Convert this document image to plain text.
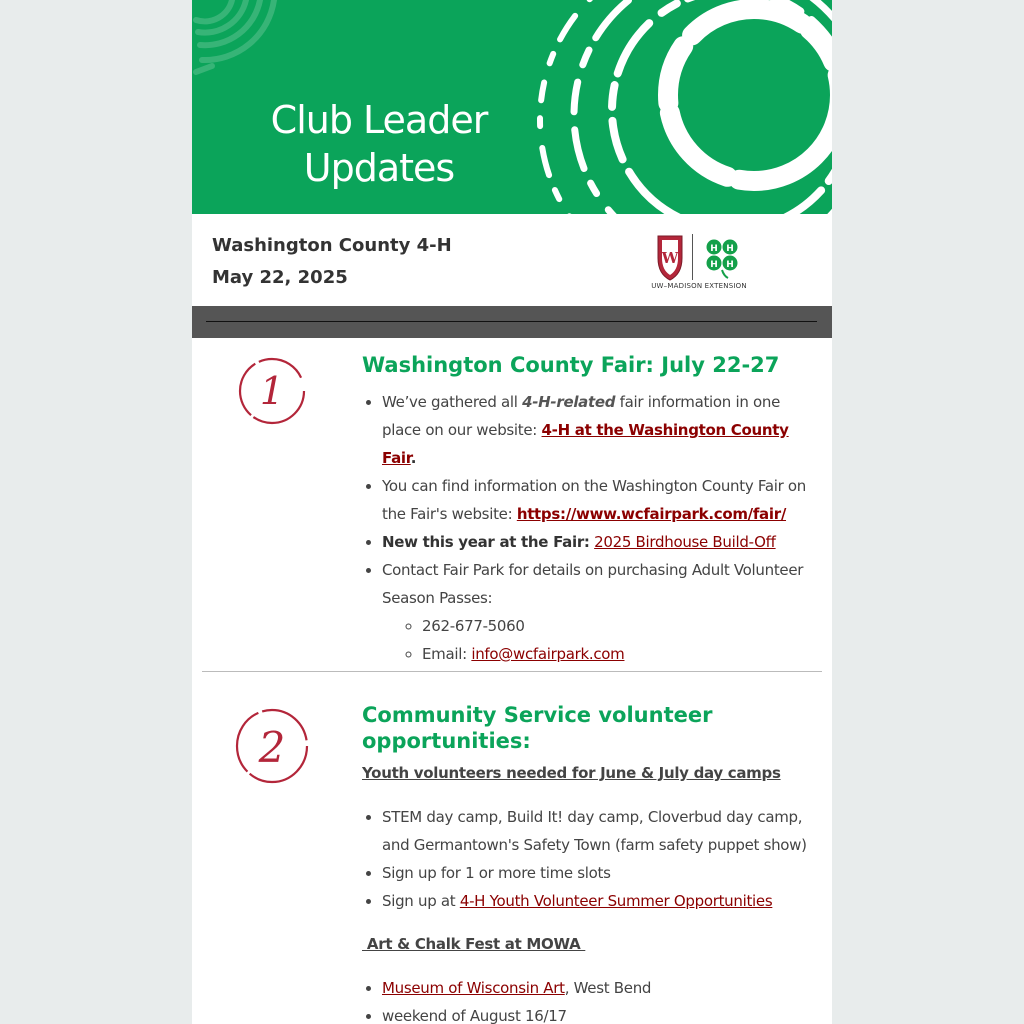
Club Leader
Updates
Washington County 4-H
May 22, 2025
W	H H
H H
UW–MADISON EXTENSION
1
Washington County Fair: July 22-27
• We’ve gathered all 4-H-related fair information in one place on our website: 4-H at the Washington County Fair.
• You can find information on the Washington County Fair on the Fair's website: https://www.wcfairpark.com/fair/
• New this year at the Fair: 2025 Birdhouse Build-Off
• Contact Fair Park for details on purchasing Adult Volunteer Season Passes:
◦ 262-677-5060
◦ Email: info@wcfairpark.com
2
Community Service volunteer
opportunities:
Youth volunteers needed for June & July day camps
• STEM day camp, Build It! day camp, Cloverbud day camp, and Germantown's Safety Town (farm safety puppet show)
• Sign up for 1 or more time slots
• Sign up at 4-H Youth Volunteer Summer Opportunities
Art & Chalk Fest at MOWA
• Museum of Wisconsin Art, West Bend
• weekend of August 16/17
